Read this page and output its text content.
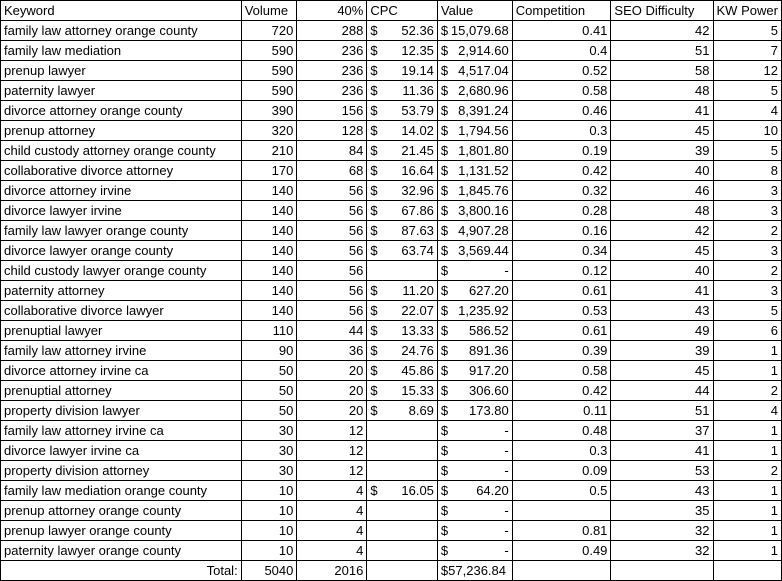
Keyword	Volume	40%	CPC	Value	Competition	SEO Difficulty	KW Power
family law attorney orange county	720	288	$ 52.36	$ 15,079.68	0.41	42	5
family law mediation	590	236	$ 12.35	$ 2,914.60	0.4	51	7
prenup lawyer	590	236	$ 19.14	$ 4,517.04	0.52	58	12
paternity lawyer	590	236	$ 11.36	$ 2,680.96	0.58	48	5
divorce attorney orange county	390	156	$ 53.79	$ 8,391.24	0.46	41	4
prenup attorney	320	128	$ 14.02	$ 1,794.56	0.3	45	10
child custody attorney orange county	210	84	$ 21.45	$ 1,801.80	0.19	39	5
collaborative divorce attorney	170	68	$ 16.64	$ 1,131.52	0.42	40	8
divorce attorney irvine	140	56	$ 32.96	$ 1,845.76	0.32	46	3
divorce lawyer irvine	140	56	$ 67.86	$ 3,800.16	0.28	48	3
family law lawyer orange county	140	56	$ 87.63	$ 4,907.28	0.16	42	2
divorce lawyer orange county	140	56	$ 63.74	$ 3,569.44	0.34	45	3
child custody lawyer orange county	140	56		$ -	0.12	40	2
paternity attorney	140	56	$ 11.20	$ 627.20	0.61	41	3
collaborative divorce lawyer	140	56	$ 22.07	$ 1,235.92	0.53	43	5
prenuptial lawyer	110	44	$ 13.33	$ 586.52	0.61	49	6
family law attorney irvine	90	36	$ 24.76	$ 891.36	0.39	39	1
divorce attorney irvine ca	50	20	$ 45.86	$ 917.20	0.58	45	1
prenuptial attorney	50	20	$ 15.33	$ 306.60	0.42	44	2
property division lawyer	50	20	$ 8.69	$ 173.80	0.11	51	4
family law attorney irvine ca	30	12		$ -	0.48	37	1
divorce lawyer irvine ca	30	12		$ -	0.3	41	1
property division attorney	30	12		$ -	0.09	53	2
family law mediation orange county	10	4	$ 16.05	$ 64.20	0.5	43	1
prenup attorney orange county	10	4		$ -		35	1
prenup lawyer orange county	10	4		$ -	0.81	32	1
paternity lawyer orange county	10	4		$ -	0.49	32	1
Total:	5040	2016		$ 57,236.84			
